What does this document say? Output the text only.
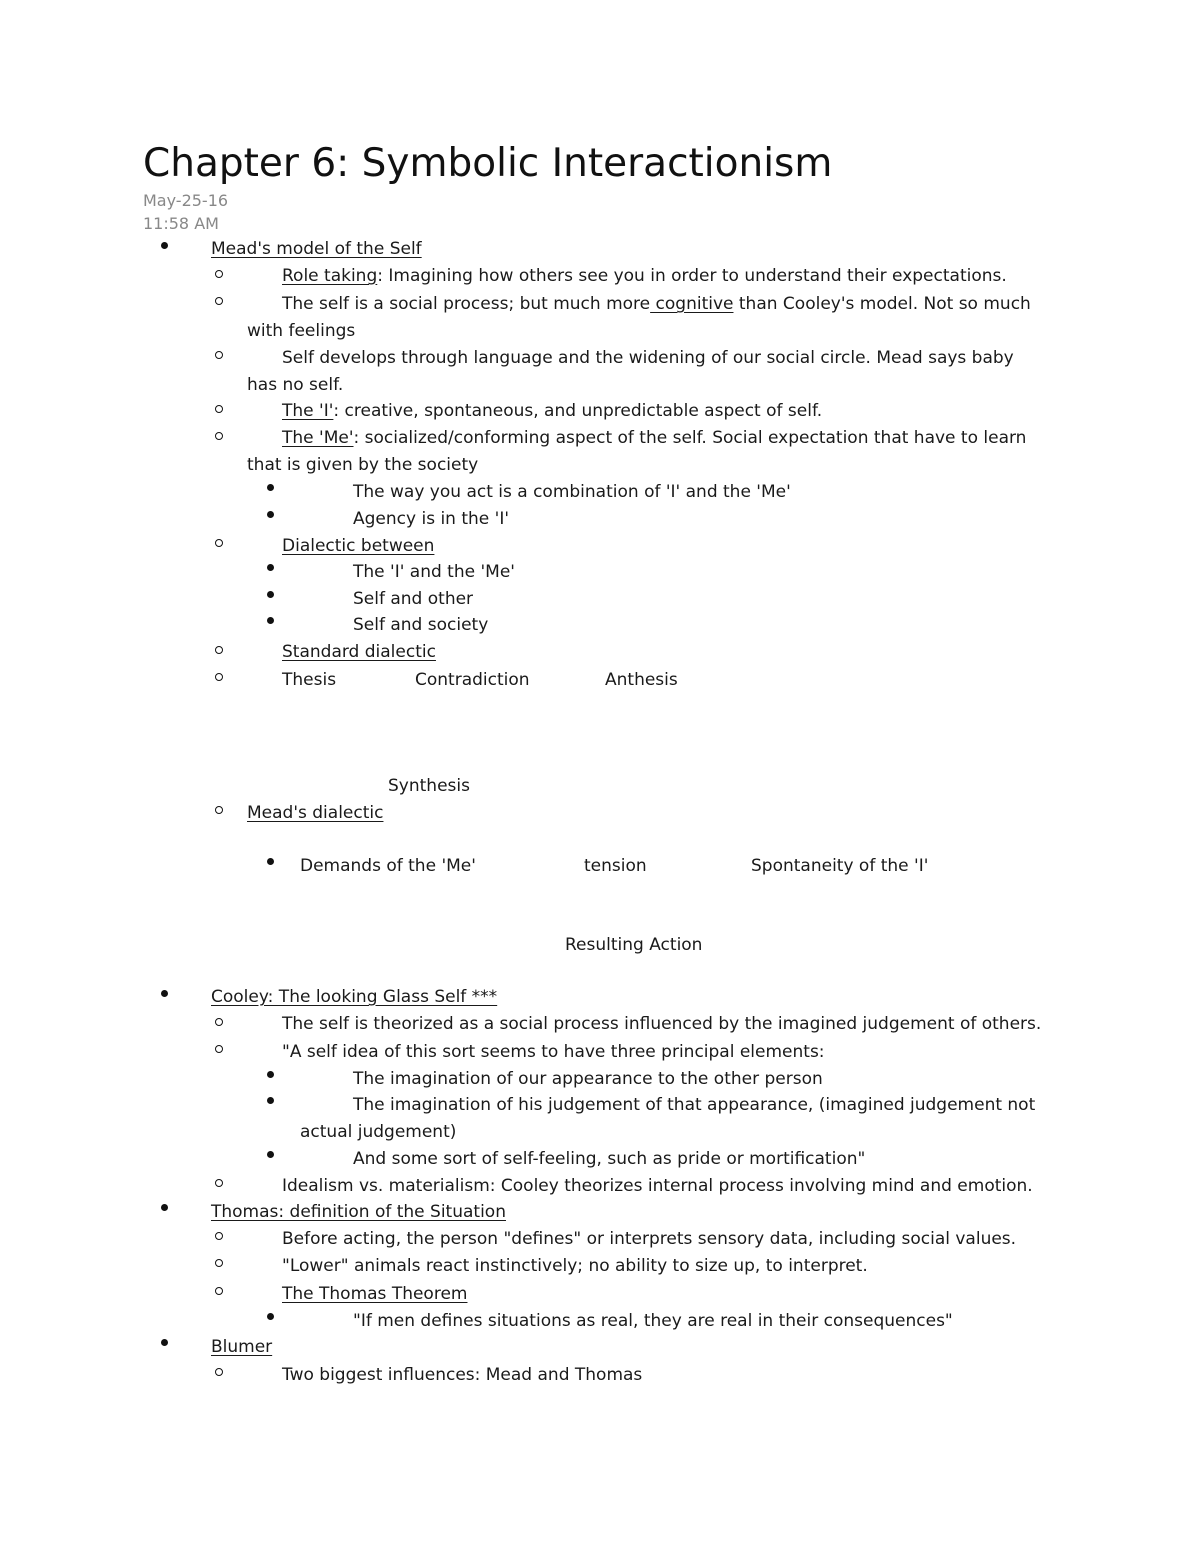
Chapter 6: Symbolic Interactionism
May-25-16
11:58 AM
Mead's model of the Self
Role taking: Imagining how others see you in order to understand their expectations.
The self is a social process; but much more cognitive than Cooley's model. Not so much
with feelings
Self develops through language and the widening of our social circle. Mead says baby
has no self.
The 'I': creative, spontaneous, and unpredictable aspect of self.
The 'Me': socialized/conforming aspect of the self. Social expectation that have to learn
that is given by the society
The way you act is a combination of 'I' and the 'Me'
Agency is in the 'I'
Dialectic between
The 'I' and the 'Me'
Self and other
Self and society
Standard dialectic
Thesis	Contradiction	Anthesis
Synthesis
Mead's dialectic
Demands of the 'Me'	tension	Spontaneity of the 'I'
Resulting Action
Cooley: The looking Glass Self ***
The self is theorized as a social process influenced by the imagined judgement of others.
"A self idea of this sort seems to have three principal elements:
The imagination of our appearance to the other person
The imagination of his judgement of that appearance, (imagined judgement not
actual judgement)
And some sort of self-feeling, such as pride or mortification"
Idealism vs. materialism: Cooley theorizes internal process involving mind and emotion.
Thomas: definition of the Situation
Before acting, the person "defines" or interprets sensory data, including social values.
"Lower" animals react instinctively; no ability to size up, to interpret.
The Thomas Theorem
"If men defines situations as real, they are real in their consequences"
Blumer
Two biggest influences: Mead and Thomas
